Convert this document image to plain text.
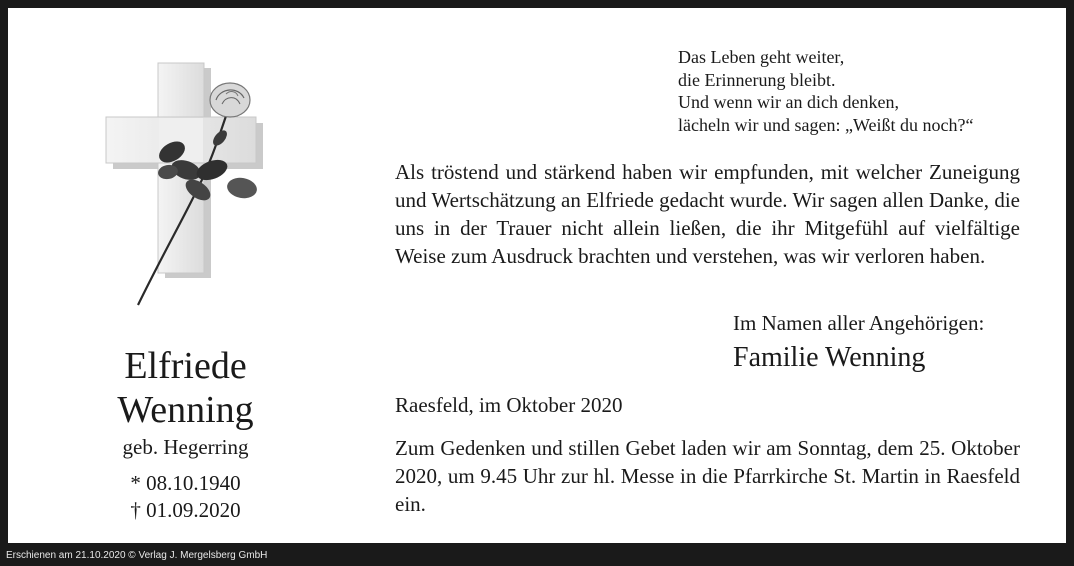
Elfriede
Wenning
geb. Hegerring
* 08.10.1940
† 01.09.2020
Das Leben geht weiter,
die Erinnerung bleibt.
Und wenn wir an dich denken,
lächeln wir und sagen: „Weißt du noch?“
Als tröstend und stärkend haben wir empfunden, mit welcher Zuneigung und Wertschätzung an Elfriede gedacht wurde. Wir sagen allen Danke, die uns in der Trauer nicht allein ließen, die ihr Mitgefühl auf vielfältige Weise zum Ausdruck brachten und verstehen, was wir verloren haben.
Im Namen aller Angehörigen:
Familie Wenning
Raesfeld, im Oktober 2020
Zum Gedenken und stillen Gebet laden wir am Sonntag, dem 25. Oktober 2020, um 9.45 Uhr zur hl. Messe in die Pfarrkirche St. Martin in Raesfeld ein.
Erschienen am 21.10.2020 © Verlag J. Mergelsberg GmbH
